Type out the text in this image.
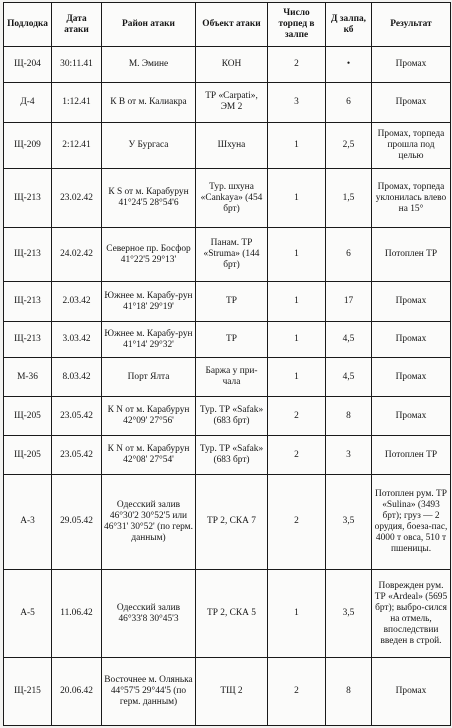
Подлодка	Дата атаки	Район атаки	Объект атаки	Число торпед в залпе	Д залпа, кб	Результат
Щ-204	30:11.41	М. Эмине	КОН	2	•	Промах
Д-4	1:12.41	К В от м. Калиакра	ТР «Carpati», ЭМ 2	3	6	Промах
Щ-209	2:12.41	У Бургаса	Шхуна	1	2,5	Промах, торпеда прошла под целью
Щ-213	23.02.42	К S от м. Карабурун 41°24'5 28°54'6	Тур. шхуна «Cankaya» (454 брт)	1	1,5	Промах, торпеда уклонилась влево на 15°
Щ-213	24.02.42	Северное пр. Босфор 41°22'5 29°13'	Панам. ТР «Struma» (144 брт)	1	6	Потоплен ТР
Щ-213	2.03.42	Южнее м. Карабу-рун 41°18' 29°19'	ТР	1	17	Промах
Щ-213	3.03.42	Южнее м. Карабу-рун 41°14' 29°32'	ТР	1	4,5	Промах
М-36	8.03.42	Порт Ялта	Баржа у при-чала	1	4,5	Промах
Щ-205	23.05.42	К N от м. Карабурун 42°09' 27°56'	Тур. ТР «Safak» (683 брт)	2	8	Промах
Щ-205	23.05.42	К N от м. Карабурун 42°08' 27°54'	Тур. ТР «Safak» (683 брт)	2	3	Потоплен ТР
А-3	29.05.42	Одесский залив 46°30'2 30°52'5 или 46°31' 30°52' (по герм. данным)	ТР 2, СКА 7	2	3,5	Потоплен рум. ТР «Sulina» (3493 брт); груз — 2 орудия, боеза-пас, 4000 т овса, 510 т пшеницы.
А-5	11.06.42	Одесский залив 46°33'8 30°45'3	ТР 2, СКА 5	1	3,5	Поврежден рум. ТР «Ardeal» (5695 брт); выбро-сился на отмель, впоследствии введен в строй.
Щ-215	20.06.42	Восточнее м. Олянька 44°57'5 29°44'5 (по герм. данным)	ТЩ 2	2	8	Промах
